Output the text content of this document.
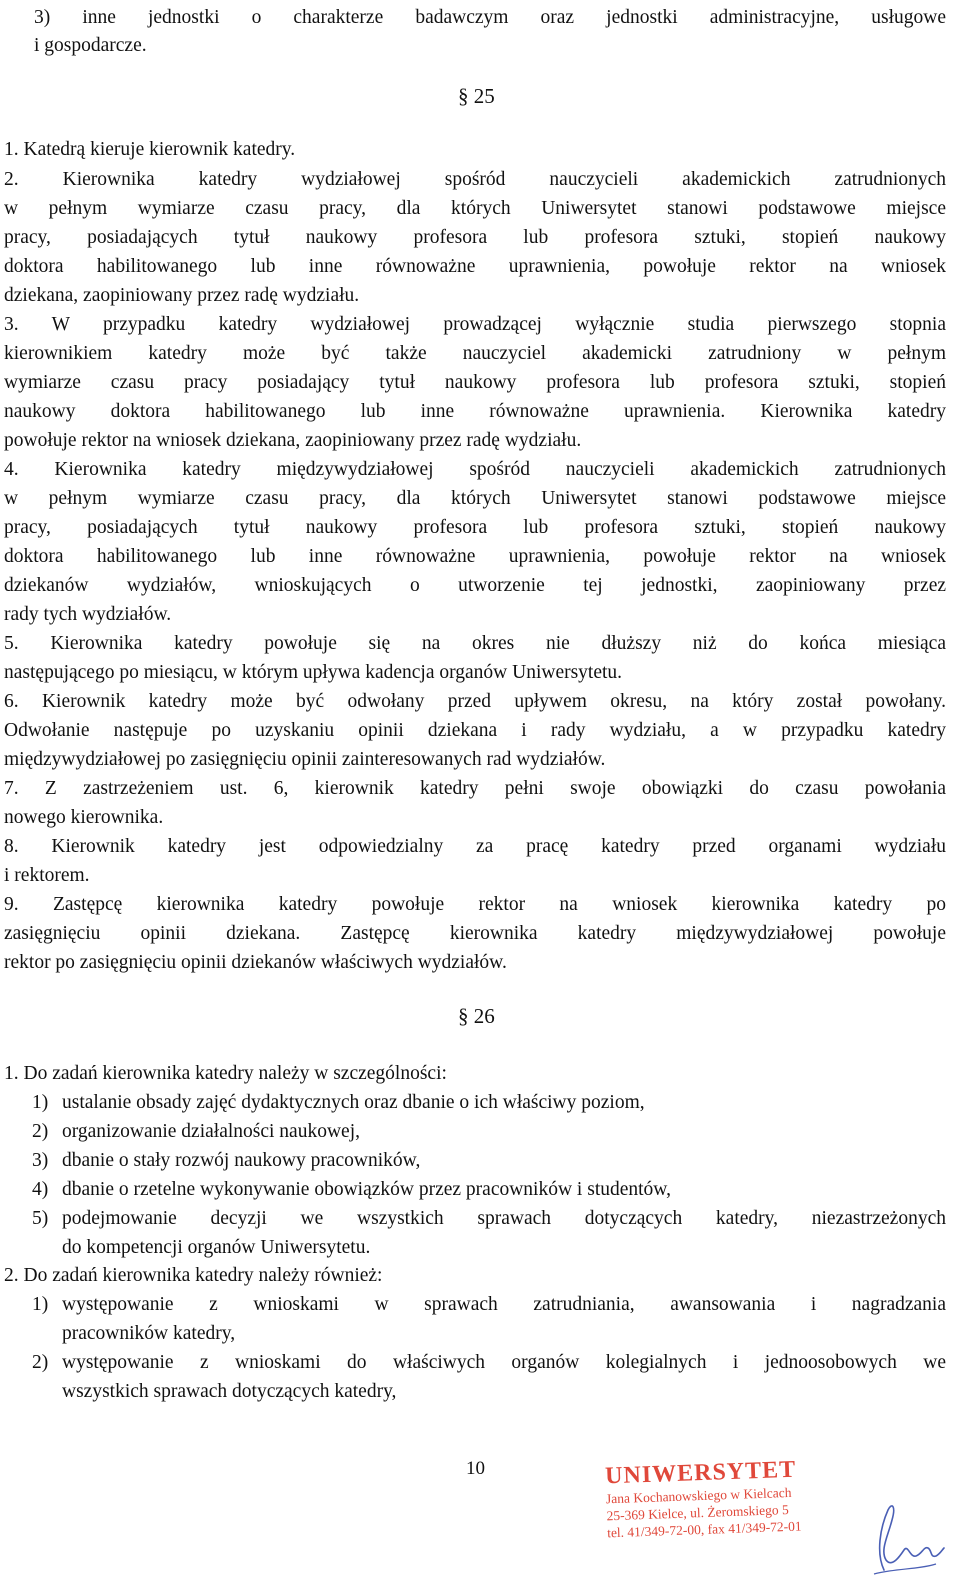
3) inne jednostki o charakterze badawczym oraz jednostki administracyjne, usługowe
i gospodarcze.
§ 25
1. Katedrą kieruje kierownik katedry.
2. Kierownika katedry wydziałowej spośród nauczycieli akademickich zatrudnionych
w pełnym wymiarze czasu pracy, dla których Uniwersytet stanowi podstawowe miejsce
pracy, posiadających tytuł naukowy profesora lub profesora sztuki, stopień naukowy
doktora habilitowanego lub inne równoważne uprawnienia, powołuje rektor na wniosek
dziekana, zaopiniowany przez radę wydziału.
3. W przypadku katedry wydziałowej prowadzącej wyłącznie studia pierwszego stopnia
kierownikiem katedry może być także nauczyciel akademicki zatrudniony w pełnym
wymiarze czasu pracy posiadający tytuł naukowy profesora lub profesora sztuki, stopień
naukowy doktora habilitowanego lub inne równoważne uprawnienia. Kierownika katedry
powołuje rektor na wniosek dziekana, zaopiniowany przez radę wydziału.
4. Kierownika katedry międzywydziałowej spośród nauczycieli akademickich zatrudnionych
w pełnym wymiarze czasu pracy, dla których Uniwersytet stanowi podstawowe miejsce
pracy, posiadających tytuł naukowy profesora lub profesora sztuki, stopień naukowy
doktora habilitowanego lub inne równoważne uprawnienia, powołuje rektor na wniosek
dziekanów wydziałów, wnioskujących o utworzenie tej jednostki, zaopiniowany przez
rady tych wydziałów.
5. Kierownika katedry powołuje się na okres nie dłuższy niż do końca miesiąca
następującego po miesiącu, w którym upływa kadencja organów Uniwersytetu.
6. Kierownik katedry może być odwołany przed upływem okresu, na który został powołany.
Odwołanie następuje po uzyskaniu opinii dziekana i rady wydziału, a w przypadku katedry
międzywydziałowej po zasięgnięciu opinii zainteresowanych rad wydziałów.
7. Z zastrzeżeniem ust. 6, kierownik katedry pełni swoje obowiązki do czasu powołania
nowego kierownika.
8. Kierownik katedry jest odpowiedzialny za pracę katedry przed organami wydziału
i rektorem.
9. Zastępcę kierownika katedry powołuje rektor na wniosek kierownika katedry po
zasięgnięciu opinii dziekana. Zastępcę kierownika katedry międzywydziałowej powołuje
rektor po zasięgnięciu opinii dziekanów właściwych wydziałów.
§ 26
1. Do zadań kierownika katedry należy w szczególności:
1) ustalanie obsady zajęć dydaktycznych oraz dbanie o ich właściwy poziom,
2) organizowanie działalności naukowej,
3) dbanie o stały rozwój naukowy pracowników,
4) dbanie o rzetelne wykonywanie obowiązków przez pracowników i studentów,
5) podejmowanie decyzji we wszystkich sprawach dotyczących katedry, niezastrzeżonych
do kompetencji organów Uniwersytetu.
2. Do zadań kierownika katedry należy również:
1) występowanie z wnioskami w sprawach zatrudniania, awansowania i nagradzania
pracowników katedry,
2) występowanie z wnioskami do właściwych organów kolegialnych i jednoosobowych we
wszystkich sprawach dotyczących katedry,
10	UNIWERSYTET
Jana Kochanowskiego w Kielcach
25-369 Kielce, ul. Żeromskiego 5
tel. 41/349-72-00, fax 41/349-72-01
